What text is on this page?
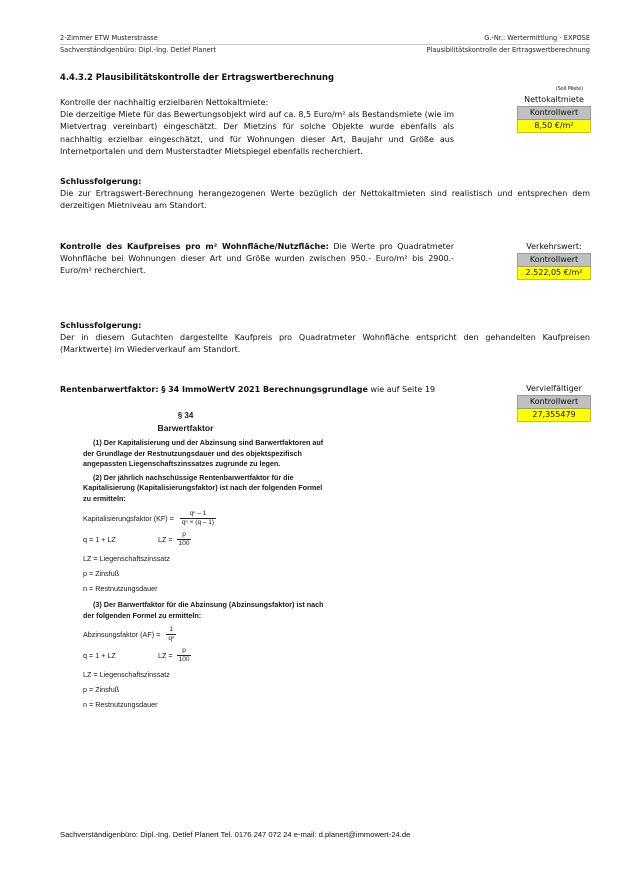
2-Zimmer ETW Musterstrasse
Sachverständigenbüro: Dipl.-Ing. Detlef Planert
G.-Nr.: Wertermittlung - EXPOSE
Plausibilitätskontrolle der Ertragswertberechnung
4.4.3.2 Plausibilitätskontrolle der Ertragswertberechnung
Kontrolle der nachhaltig erzielbaren Nettokaltmiete:
Die derzeitige Miete für das Bewertungsobjekt wird auf ca. 8,5 Euro/m² als Bestandsmiete (wie im Mietvertrag vereinbart) eingeschätzt. Der Mietzins für solche Objekte wurde ebenfalls als nachhaltig erzielbar eingeschätzt, und für Wohnungen dieser Art, Baujahr und Größe aus Internetportalen und dem Musterstadter Mietspiegel ebenfalls recherchiert.
(Soll Miete)
Nettokaltmiete
Kontrollwert
8,50 €/m²
Schlussfolgerung:
Die zur Ertragswert-Berechnung herangezogenen Werte bezüglich der Nettokaltmieten sind realistisch und entsprechen dem derzeitigen Mietniveau am Standort.
Kontrolle des Kaufpreises pro m² Wohnfläche/Nutzfläche: Die Werte pro Quadratmeter Wohnfläche bei Wohnungen dieser Art und Größe wurden zwischen 950.- Euro/m² bis 2900.- Euro/m² recherchiert.
Verkehrswert:
Kontrollwert
2.522,05 €/m²
Schlussfolgerung:
Der in diesem Gutachten dargestellte Kaufpreis pro Quadratmeter Wohnfläche entspricht den gehandelten Kaufpreisen (Marktwerte) im Wiederverkauf am Standort.
Rentenbarwertfaktor: § 34 ImmoWertV 2021 Berechnungsgrundlage wie auf Seite 19	Vervielfältiger
Kontrollwert
27,355479
§ 34
Barwertfaktor
(1) Der Kapitalisierung und der Abzinsung sind Barwertfaktoren auf der Grundlage der Restnutzungsdauer und des objektspezifisch angepassten Liegenschaftszinssatzes zugrunde zu legen.
(2) Der jährlich nachschüssige Rentenbarwertfaktor für die Kapitalisierung (Kapitalisierungsfaktor) ist nach der folgenden Formel zu ermitteln:
Kapitalisierungsfaktor $(KF) = \frac{\text{qⁿ – 1}}{\text{qⁿ × (q – 1)}}$
q = 1 + LZ	LZ = $\frac{p}{100}$
LZ = Liegenschaftszinssatz
p = Zinsfuß
n = Restnutzungsdauer
(3) Der Barwertfaktor für die Abzinsung (Abzinsungsfaktor) ist nach der folgenden Formel zu ermitteln:
Abzinsungsfaktor $(AF) = \frac{1}{\text{qⁿ}}$
q = 1 + LZ	LZ = $\frac{p}{100}$
LZ = Liegenschaftszinssatz
p = Zinsfuß
n = Restnutzungsdauer
Sachverständigenbüro: Dipl.-Ing. Detlef Planert Tel. 0176 247 072 24 e-mail: d.planert@immowert-24.de
